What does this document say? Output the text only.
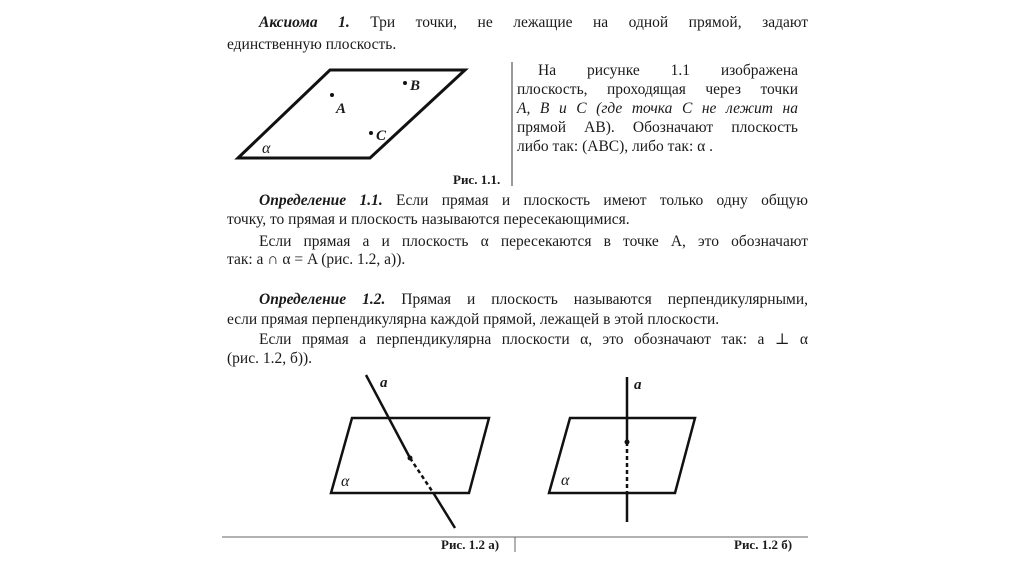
Аксиома 1. Три точки, не лежащие на одной прямой, задают
единственную плоскость.
На рисунке 1.1 изображена
плоскость, проходящая через точки
A, B и C (где точка C не лежит на
прямой AB). Обозначают плоскость
либо так: (ABC), либо так: α .
Рис. 1.1.
Определение 1.1. Если прямая и плоскость имеют только одну общую
точку, то прямая и плоскость называются пересекающимися.
Если прямая a и плоскость α пересекаются в точке A, это обозначают
так: a ∩ α = A (рис. 1.2, а)).
Определение 1.2. Прямая и плоскость называются перпендикулярными,
если прямая перпендикулярна каждой прямой, лежащей в этой плоскости.
Если прямая a перпендикулярна плоскости α, это обозначают так: a ⊥ α
(рис. 1.2, б)).
A
B
C
α
a
α
a
α
Рис. 1.2 а)	Рис. 1.2 б)
